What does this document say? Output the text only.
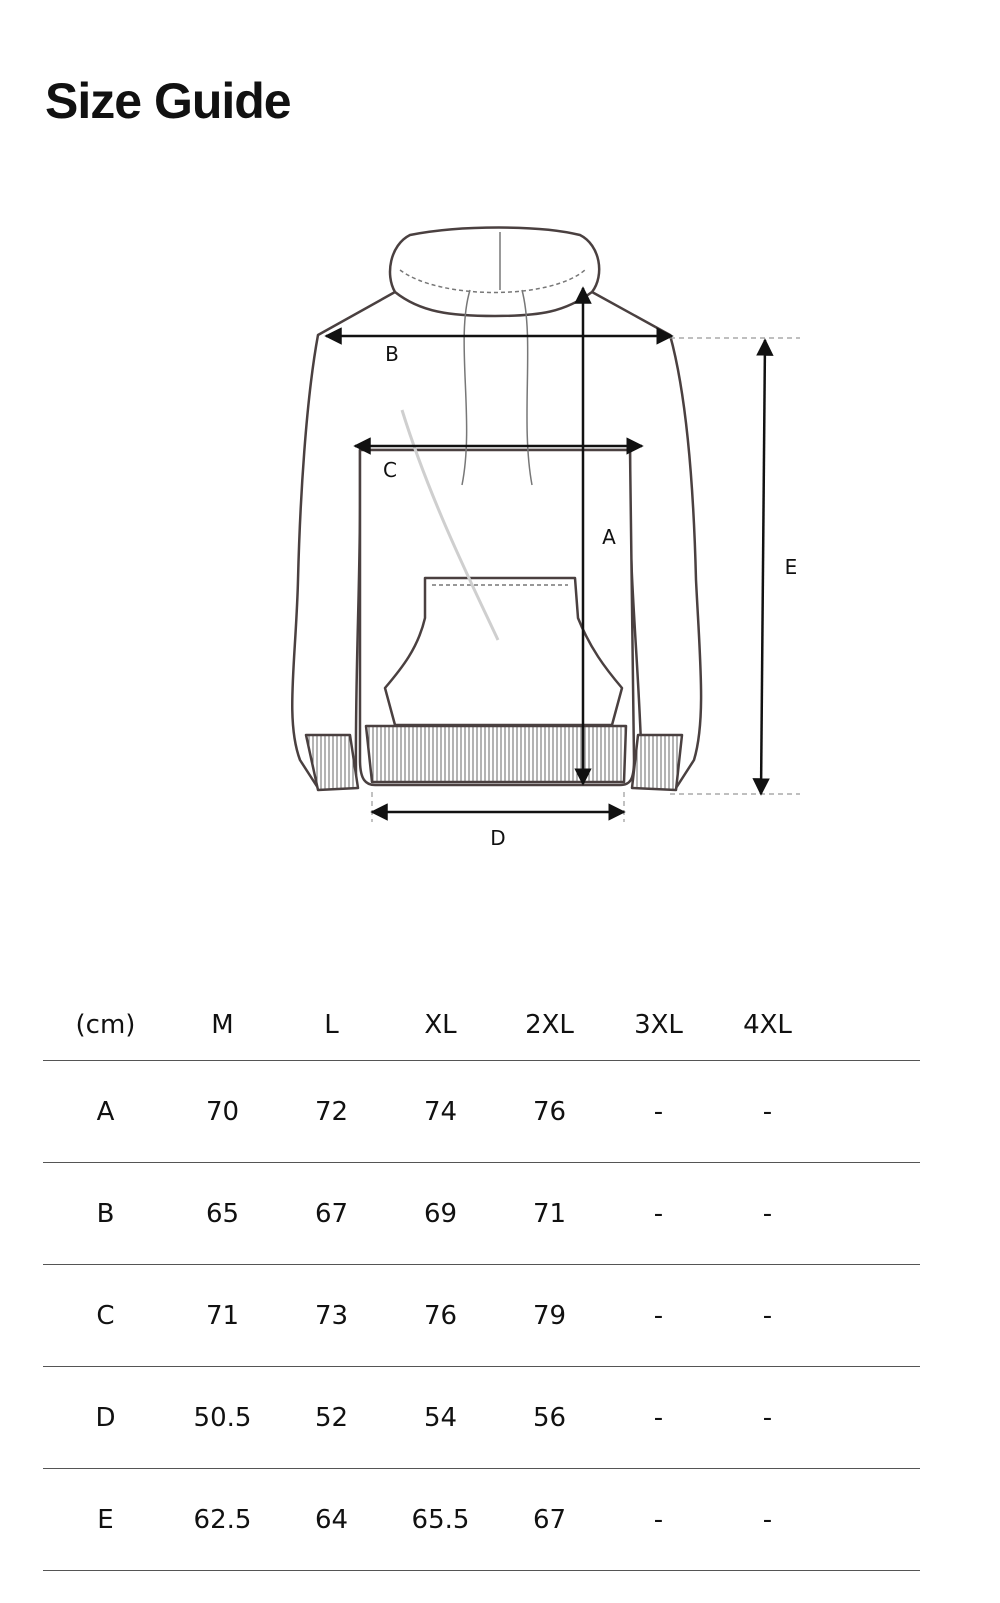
Size Guide
A
B
C
D
E
(cm)	M	L	XL	2XL	3XL	4XL	
A	70	72	74	76	-	-	
B	65	67	69	71	-	-	
C	71	73	76	79	-	-	
D	50.5	52	54	56	-	-	
E	62.5	64	65.5	67	-	-	
